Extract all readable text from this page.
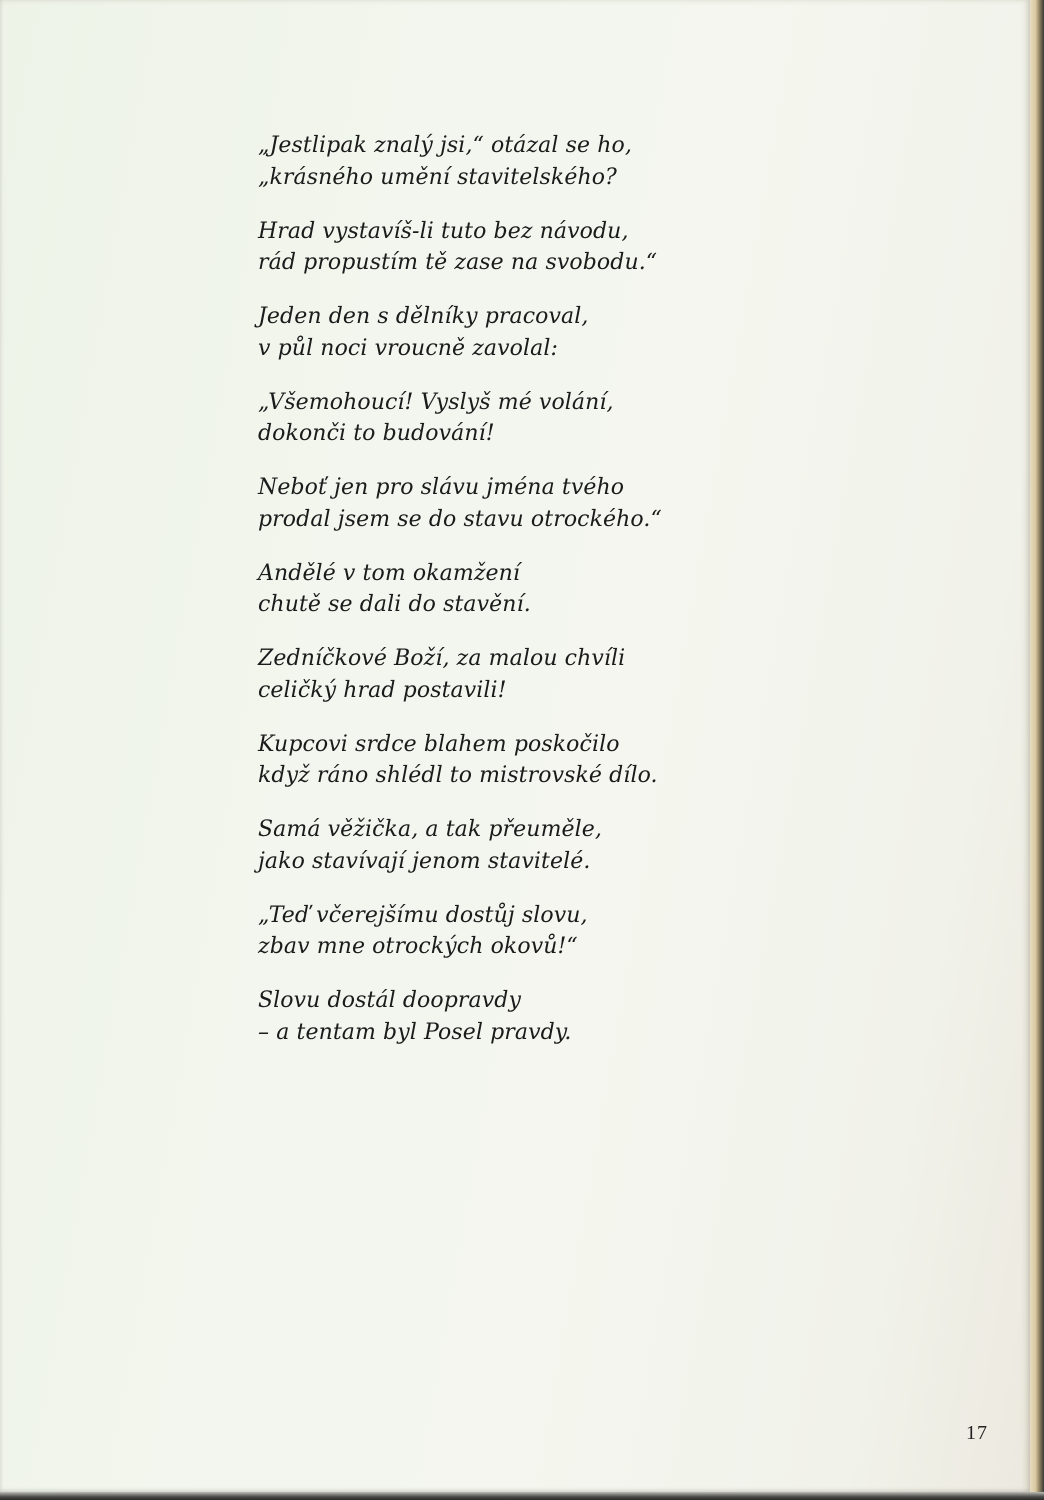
„Jestlipak znalý jsi,“ otázal se ho,
„krásného umění stavitelského?
Hrad vystavíš-li tuto bez návodu,
rád propustím tě zase na svobodu.“
Jeden den s dělníky pracoval,
v půl noci vroucně zavolal:
„Všemohoucí! Vyslyš mé volání,
dokonči to budování!
Neboť jen pro slávu jména tvého
prodal jsem se do stavu otrockého.“
Andělé v tom okamžení
chutě se dali do stavění.
Zedníčkové Boží, za malou chvíli
celičký hrad postavili!
Kupcovi srdce blahem poskočilo
když ráno shlédl to mistrovské dílo.
Samá věžička, a tak přeuměle,
jako stavívají jenom stavitelé.
„Teď včerejšímu dostůj slovu,
zbav mne otrockých okovů!“
Slovu dostál doopravdy
– a tentam byl Posel pravdy.
17
